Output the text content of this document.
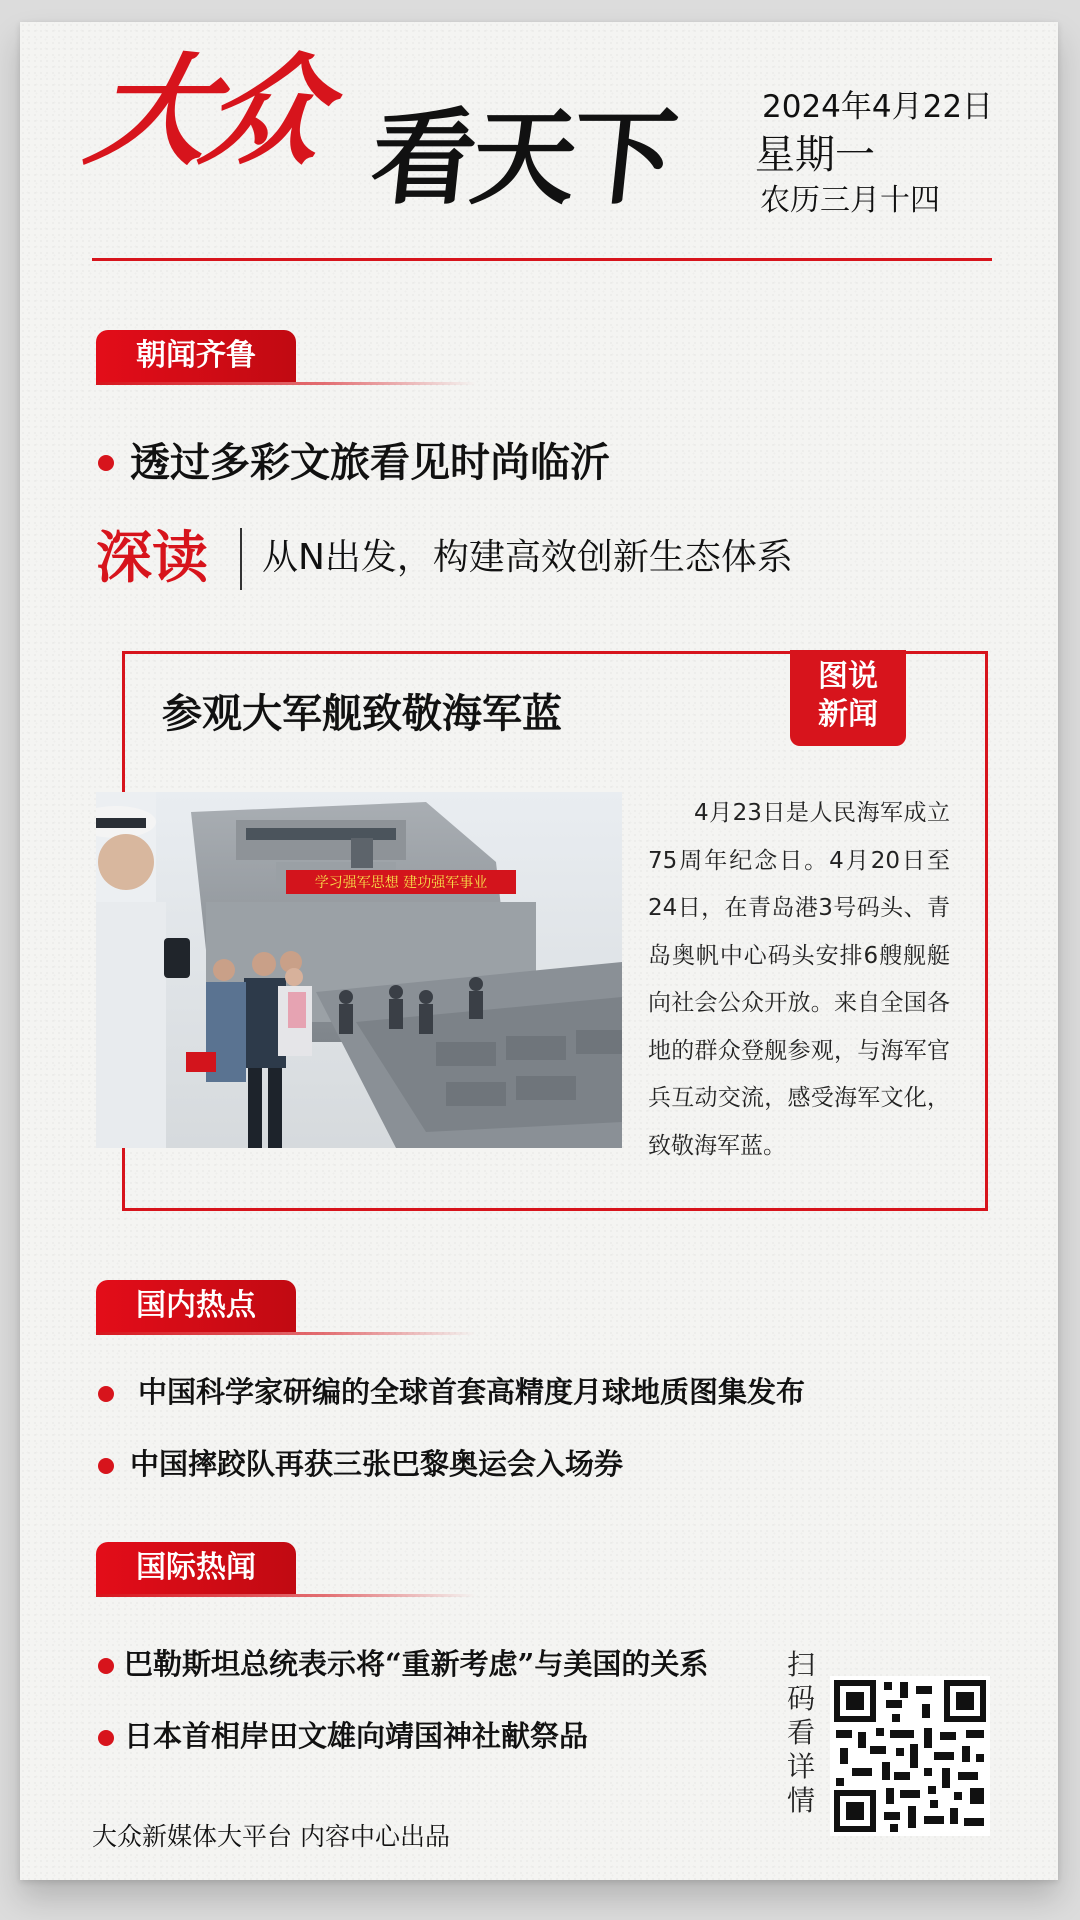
大众 看天下	2024年4月22日
星期一
农历三月十四
朝闻齐鲁
透过多彩文旅看见时尚临沂
深读 从N出发，构建高效创新生态体系
参观大军舰致敬海军蓝
图说
新闻
学习强军思想 建功强军事业
4月23日是人民海军成立75周年纪念日。4月20日至24日，在青岛港3号码头、青岛奥帆中心码头安排6艘舰艇向社会公众开放。来自全国各地的群众登舰参观，与海军官兵互动交流，感受海军文化，致敬海军蓝。
国内热点
中国科学家研编的全球首套高精度月球地质图集发布
中国摔跤队再获三张巴黎奥运会入场券
国际热闻
巴勒斯坦总统表示将“重新考虑”与美国的关系
日本首相岸田文雄向靖国神社献祭品
大众新媒体大平台 内容中心出品
扫
码
看
详
情
